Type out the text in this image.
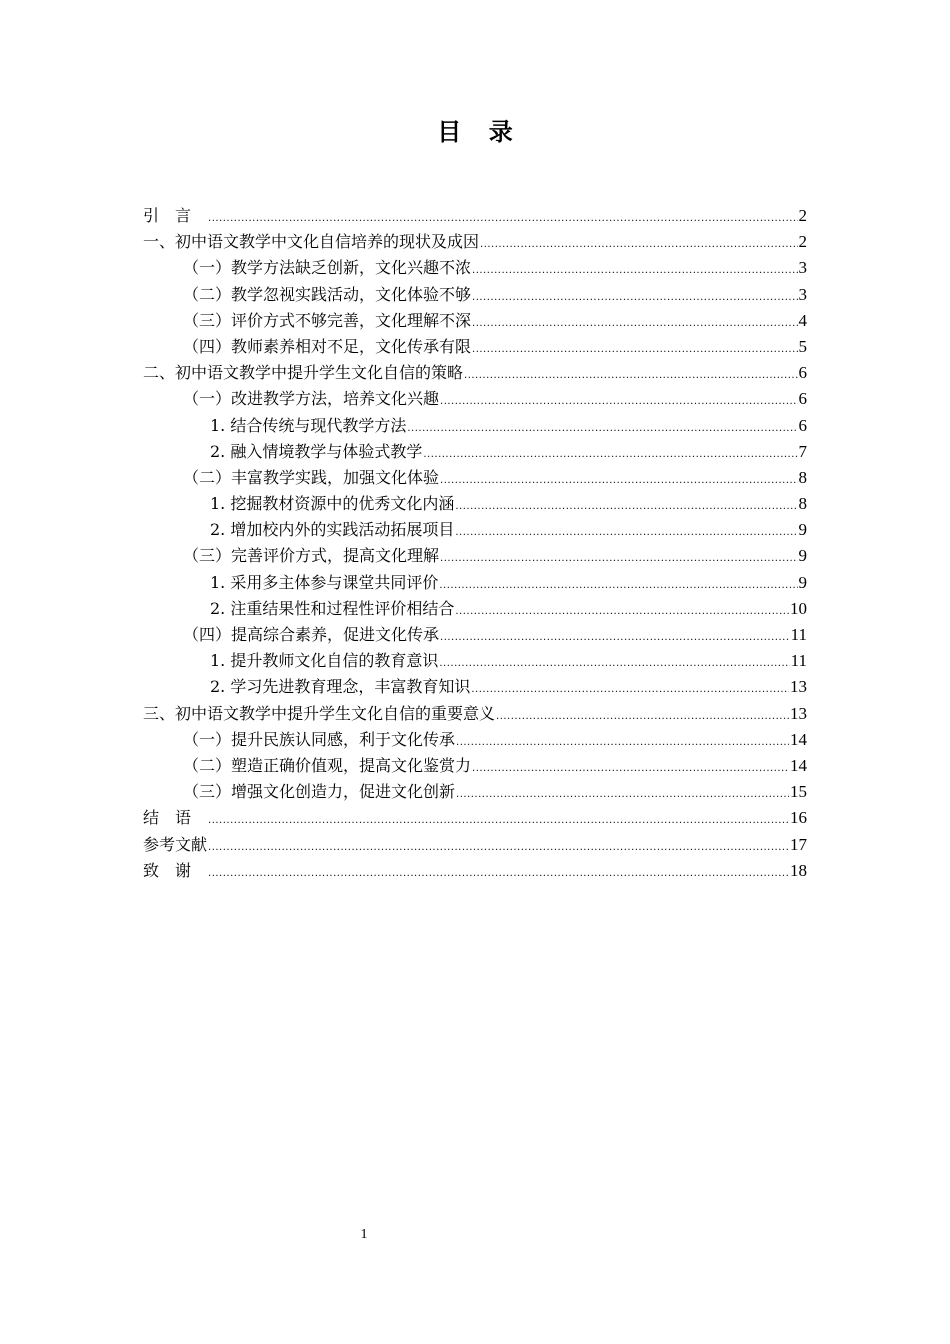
目 录
引言 .....	2
一、初中语文教学中文化自信培养的现状及成因 .....	2
（一）教学方法缺乏创新，文化兴趣不浓 .....	3
（二）教学忽视实践活动，文化体验不够 .....	3
（三）评价方式不够完善，文化理解不深 .....	4
（四）教师素养相对不足，文化传承有限 .....	5
二、初中语文教学中提升学生文化自信的策略 .....	6
（一）改进教学方法，培养文化兴趣 .....	6
1. 结合传统与现代教学方法 .....	6
2. 融入情境教学与体验式教学 .....	7
（二）丰富教学实践，加强文化体验 .....	8
1. 挖掘教材资源中的优秀文化内涵 .....	8
2. 增加校内外的实践活动拓展项目 .....	9
（三）完善评价方式，提高文化理解 .....	9
1. 采用多主体参与课堂共同评价 .....	9
2. 注重结果性和过程性评价相结合 .....	10
（四）提高综合素养，促进文化传承 .....	11
1. 提升教师文化自信的教育意识 .....	11
2. 学习先进教育理念，丰富教育知识 .....	13
三、初中语文教学中提升学生文化自信的重要意义 .....	13
（一）提升民族认同感，利于文化传承 .....	14
（二）塑造正确价值观，提高文化鉴赏力 .....	14
（三）增强文化创造力，促进文化创新 .....	15
结语 .....	16
参考文献 .....	17
致谢 .....	18
1
